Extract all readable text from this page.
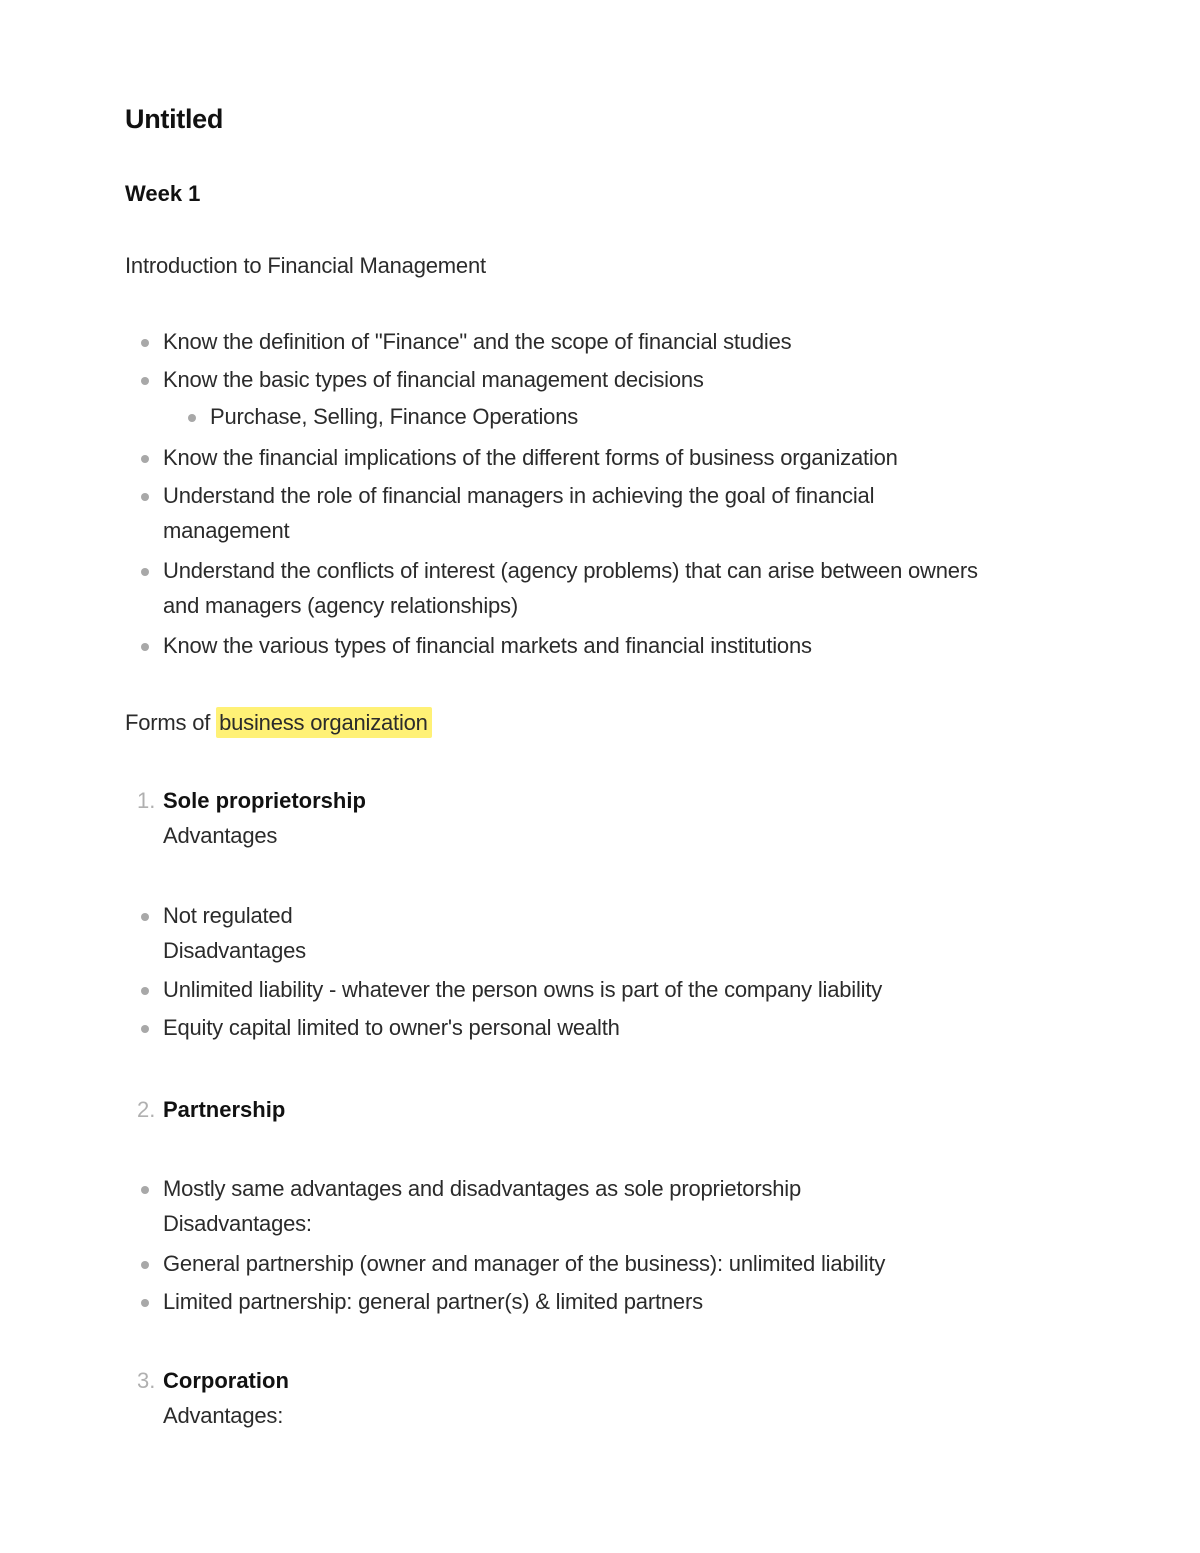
Untitled
Week 1
Introduction to Financial Management
Know the definition of "Finance" and the scope of financial studies
Know the basic types of financial management decisions
Purchase, Selling, Finance Operations
Know the financial implications of the different forms of business organization
Understand the role of financial managers in achieving the goal of financial
management
Understand the conflicts of interest (agency problems) that can arise between owners
and managers (agency relationships)
Know the various types of financial markets and financial institutions
Forms of business organization
1. Sole proprietorship
Advantages
Not regulated
Disadvantages
Unlimited liability - whatever the person owns is part of the company liability
Equity capital limited to owner's personal wealth
2. Partnership
Mostly same advantages and disadvantages as sole proprietorship
Disadvantages:
General partnership (owner and manager of the business): unlimited liability
Limited partnership: general partner(s) & limited partners
3. Corporation
Advantages:
